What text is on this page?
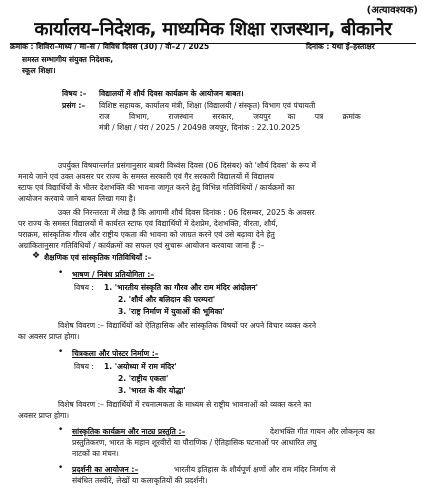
(अत्यावश्यक)
कार्यालय–निदेशक, माध्यमिक शिक्षा राजस्थान, बीकानेर
क्रमांक : शिविरा–माध्य / मा–स / विविध दिवस (30) / वो–2 / 2025	दिनांक : यथा ई–हस्ताक्षर
समस्त सम्भागीय संयुक्त निदेशक,
स्कूल शिक्षा।
विषय :– विद्यालयों में शौर्य दिवस कार्यक्रम के आयोजन बाबत।
प्रसंग :– विशिष्ट सहायक, कार्यालय मंत्री, शिक्षा (विद्यालयी / संस्कृत) विभाग एवं पंचायती
राज        विभाग,        राजस्थान        सरकार,        जयपुर       का        पत्र        क्रमांक
मंत्री / शिक्षा / पंरा / 2025 / 20498 जयपुर, दिनांक : 22.10.2025
उपर्युक्त विषयान्तर्गत प्रसंगानुसार बाबरी विध्वंस दिवस (06 दिसंबर) को 'शौर्य दिवस' के रूप में
मनाये जाने एवं उक्त अवसर पर राज्य के समस्त सरकारी एवं गैर सरकारी विद्यालयों में विद्यालय
स्टाफ एवं विद्यार्थियों के भीतर देशभक्ति की भावना जागृत करने हेतु विभिन्न गतिविधियों / कार्यक्रमों का
आयोजन करवाये जाने बाबत लिखा गया है।
उक्त की निरन्तरता में लेख है कि आगामी शौर्य दिवस दिनांक : 06 दिसम्बर, 2025 के अवसर
पर राज्य के समस्त विद्यालयों में कार्यरत स्टाफ एवं विद्यार्थियों में देशप्रेम, देशभक्ति, वीरता, शौर्य,
पराक्रम, सांस्कृतिक गौरव और राष्ट्रीय एकता की भावना को जाग्रत करने एवं उसे बढ़ावा देने हेतु
अग्रांकितानुसार गतिविधियों / कार्यक्रमों का सफल एवं सुचारू आयोजन करवाया जाना हैं :–
❖ शैक्षणिक एवं सांस्कृतिक गतिविधियाँ :–
• भाषण / निबंध प्रतियोगिता :–
विषय : 1. 'भारतीय संस्कृति का गौरव और राम मंदिर आंदोलन'
2. 'शौर्य और बलिदान की परम्परा'
3. 'राष्ट्र निर्माण में युवाओं की भूमिका'
विशेष विवरण :– विद्यार्थियों को ऐतिहासिक और सांस्कृतिक विषयों पर अपने विचार व्यक्त करने
का अवसर प्राप्त होगा।
• चित्रकला और पोस्टर निर्माण :–
विषय : 1. 'अयोध्या में राम मंदिर'
2. 'राष्ट्रीय एकता'
3. 'भारत के वीर योद्धा'
विशेष विवरण :– विद्यार्थियों में रचनात्मकता के माध्यम से राष्ट्रीय भावनाओं को व्यक्त करने का
अवसर प्राप्त होगा।
• सांस्कृतिक कार्यक्रम और नाट्य प्रस्तुति :–	देशभक्ति गीत गायन और लोकनृत्य का
प्रस्तुतिकरण, भारत के महान शूरवीरों या पौराणिक / ऐतिहासिक घटनाओं पर आधारित लघु
नाटकों का मंचन।
• प्रदर्शनी का आयोजन :–	भारतीय इतिहास के शौर्यपूर्ण क्षणों और राम मंदिर निर्माण से
संबंधित तस्वीरें, लेखों या कलाकृतियों की प्रदर्शनी।
